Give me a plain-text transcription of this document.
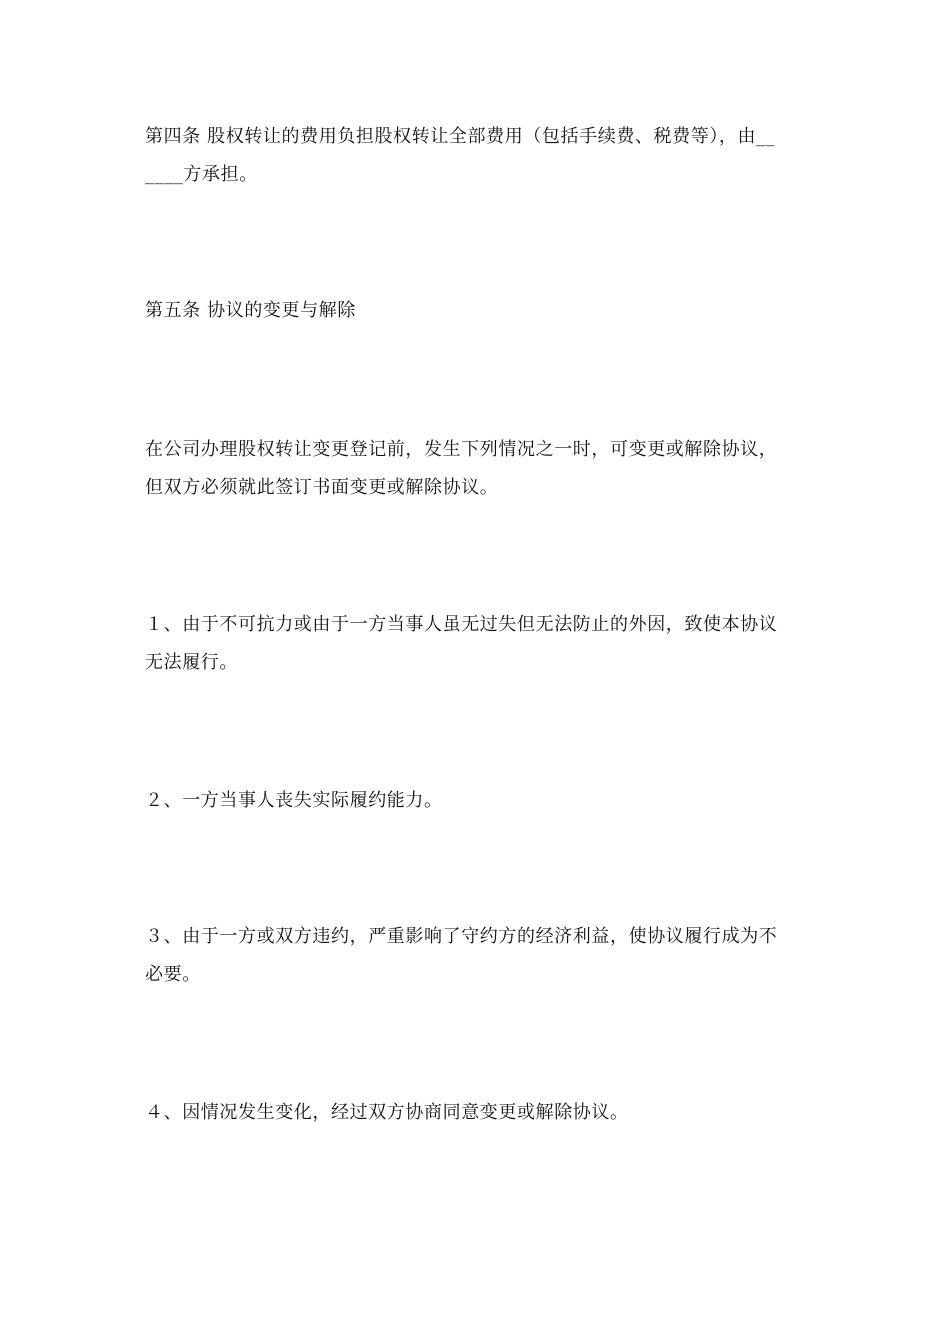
第四条 股权转让的费用负担股权转让全部费用（包括手续费、税费等），由__
____方承担。
第五条 协议的变更与解除
在公司办理股权转让变更登记前，发生下列情况之一时，可变更或解除协议，
但双方必须就此签订书面变更或解除协议。
１、由于不可抗力或由于一方当事人虽无过失但无法防止的外因，致使本协议
无法履行。
２、一方当事人丧失实际履约能力。
３、由于一方或双方违约，严重影响了守约方的经济利益，使协议履行成为不
必要。
４、因情况发生变化，经过双方协商同意变更或解除协议。
